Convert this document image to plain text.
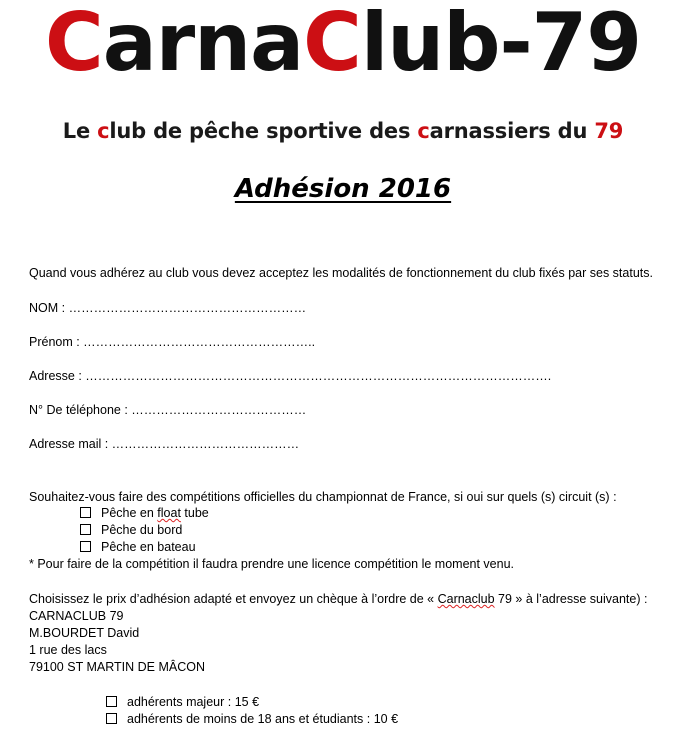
CarnaClub-79
Le club de pêche sportive des carnassiers du 79
Adhésion 2016
Quand vous adhérez au club vous devez acceptez les modalités de fonctionnement du club fixés par ses statuts.
NOM : …………………………………………………
Prénom : ………………………………………………..
Adresse : ………………………………………………………………………………………………….
N° De téléphone : ……………………………………
Adresse mail : ………………………………………
Souhaitez-vous faire des compétitions officielles du championnat de France, si oui sur quels (s) circuit (s) :
Pêche en float tube
Pêche du bord
Pêche en bateau
* Pour faire de la compétition il faudra prendre une licence compétition le moment venu.
Choisissez le prix d’adhésion adapté et envoyez un chèque à l’ordre de « Carnaclub 79 » à l’adresse suivante) :
CARNACLUB 79
M.BOURDET David
1 rue des lacs
79100 ST MARTIN DE MÂCON
adhérents majeur : 15 €
adhérents de moins de 18 ans et étudiants : 10 €
